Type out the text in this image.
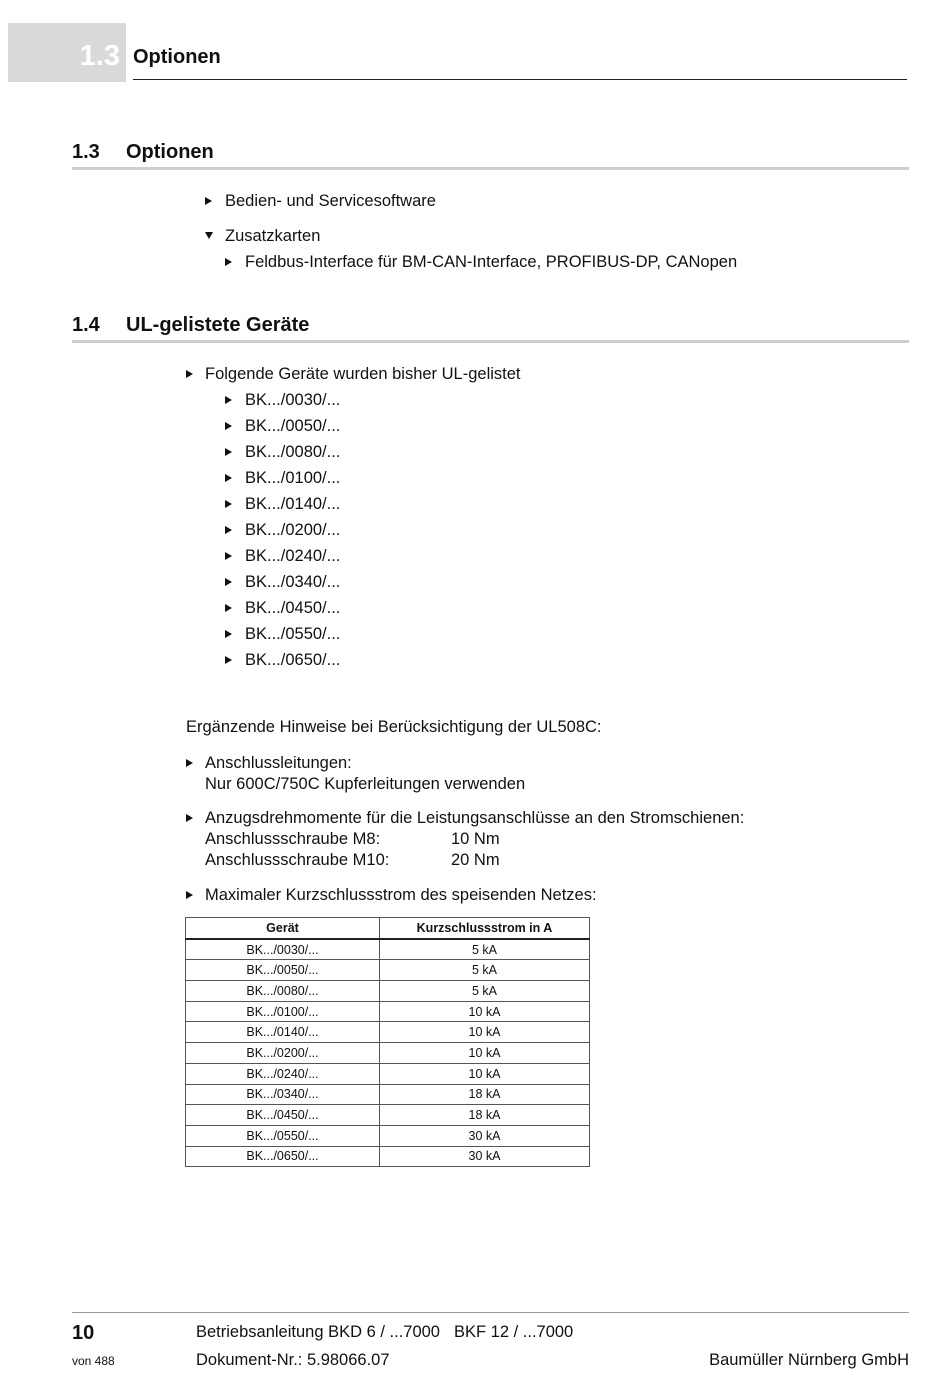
1.3 Optionen
1.3 Optionen
Bedien- und Servicesoftware
Zusatzkarten
Feldbus-Interface für BM-CAN-Interface, PROFIBUS-DP, CANopen
1.4 UL-gelistete Geräte
Folgende Geräte wurden bisher UL-gelistet
BK.../0030/...
BK.../0050/...
BK.../0080/...
BK.../0100/...
BK.../0140/...
BK.../0200/...
BK.../0240/...
BK.../0340/...
BK.../0450/...
BK.../0550/...
BK.../0650/...
Ergänzende Hinweise bei Berücksichtigung der UL508C:
Anschlussleitungen:
Nur 600C/750C Kupferleitungen verwenden
Anzugsdrehmomente für die Leistungsanschlüsse an den Stromschienen:
Anschlussschraube M8:	10 Nm
Anschlussschraube M10:	20 Nm
Maximaler Kurzschlussstrom des speisenden Netzes:
Gerät	Kurzschlussstrom in A
BK.../0030/...	5 kA
BK.../0050/...	5 kA
BK.../0080/...	5 kA
BK.../0100/...	10 kA
BK.../0140/...	10 kA
BK.../0200/...	10 kA
BK.../0240/...	10 kA
BK.../0340/...	18 kA
BK.../0450/...	18 kA
BK.../0550/...	30 kA
BK.../0650/...	30 kA
10
von 488
Betriebsanleitung BKD 6 / ...7000 BKF 12 / ...7000
Dokument-Nr.: 5.98066.07	Baumüller Nürnberg GmbH
